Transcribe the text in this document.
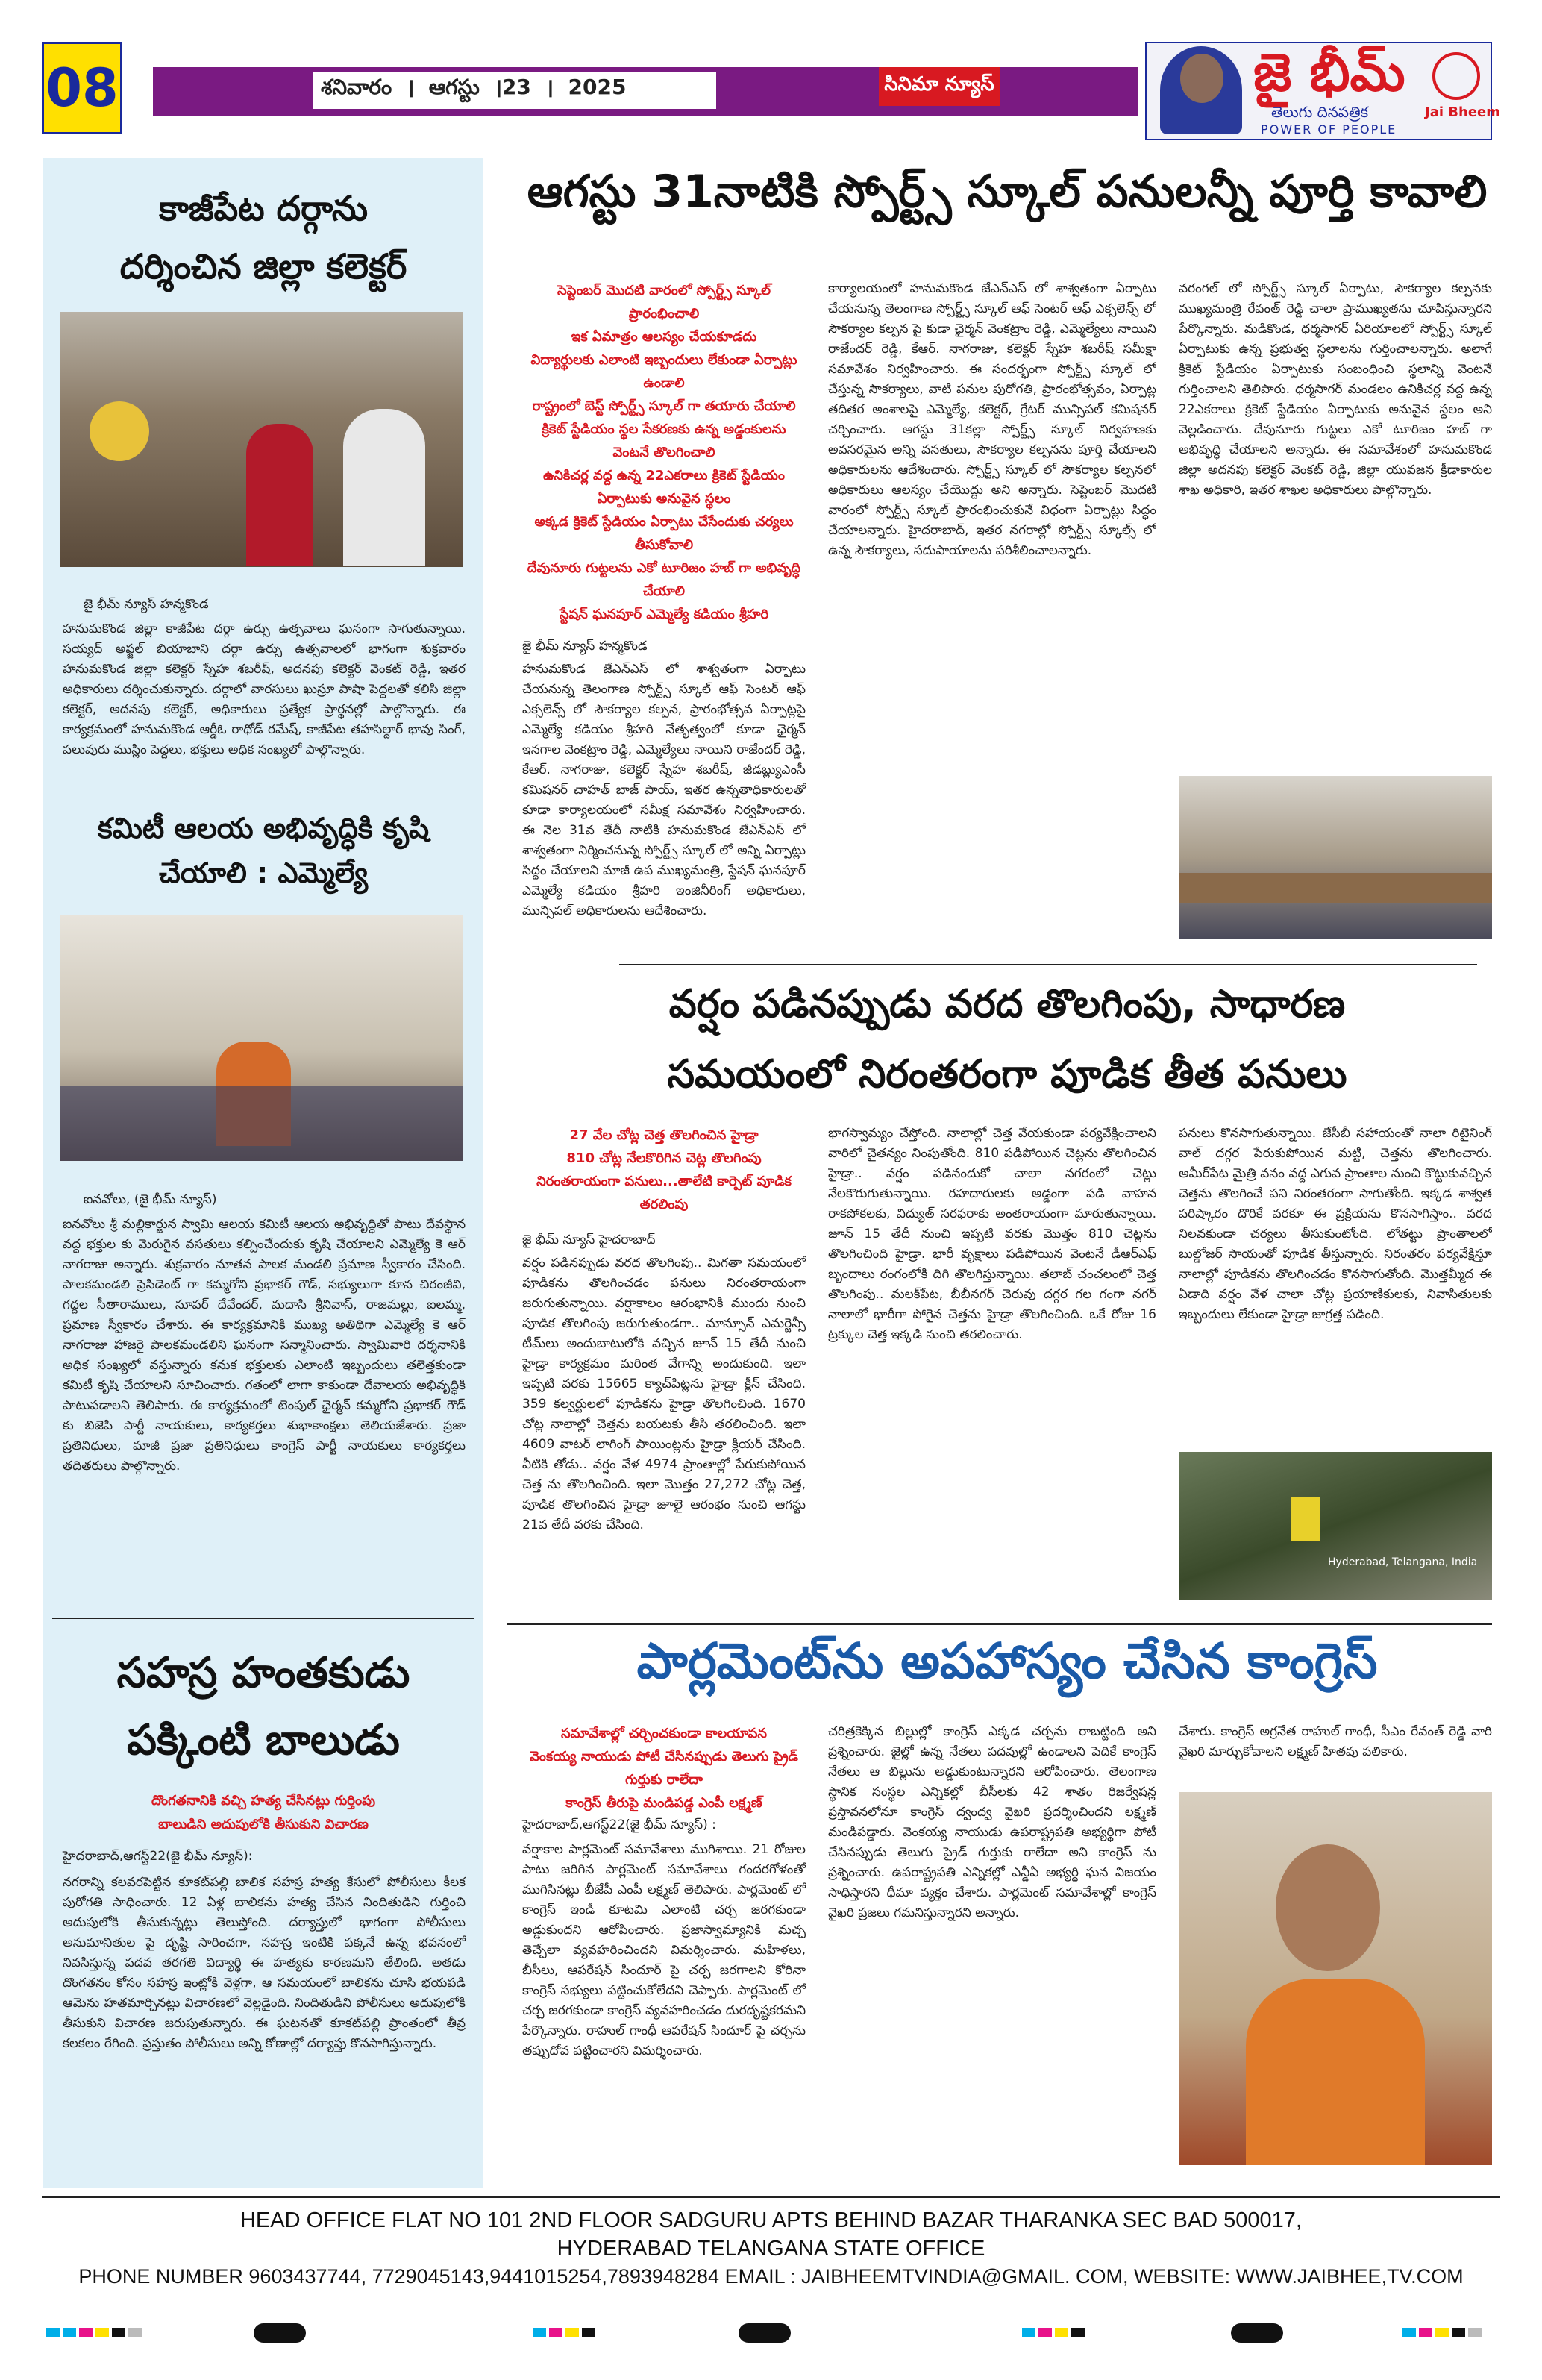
08	శనివారం  ।  ఆగస్టు  ।23  ।  2025	సినిమా న్యూస్	జై భీమ్
తెలుగు దినపత్రిక
POWER OF PEOPLE
Jai Bheem
కాజీపేట దర్గాను
దర్శించిన జిల్లా కలెక్టర్
జై భీమ్ న్యూస్ హన్మకొండ
హనుమకొండ జిల్లా కాజీపేట దర్గా ఉర్సు ఉత్సవాలు ఘనంగా సాగుతున్నాయి. సయ్యద్ అఫ్జల్ బియాబాని దర్గా ఉర్సు ఉత్సవాలలో భాగంగా శుక్రవారం హనుమకొండ జిల్లా కలెక్టర్ స్నేహ శబరీష్, అదనపు కలెక్టర్ వెంకట్ రెడ్డి, ఇతర అధికారులు దర్శించుకున్నారు. దర్గాలో వారసులు ఖుస్రూ పాషా పెద్దలతో కలిసి జిల్లా కలెక్టర్, అదనపు కలెక్టర్, అధికారులు ప్రత్యేక ప్రార్థనల్లో పాల్గొన్నారు. ఈ కార్యక్రమంలో హనుమకొండ ఆర్డీఓ రాథోడ్ రమేష్, కాజీపేట తహసిల్దార్ భావు సింగ్, పలువురు ముస్లిం పెద్దలు, భక్తులు అధిక సంఖ్యలో పాల్గొన్నారు.
కమిటీ ఆలయ అభివృద్ధికి కృషి
చేయాలి : ఎమ్మెల్యే
ఐనవోలు, (జై భీమ్ న్యూస్)
ఐనవోలు శ్రీ మల్లికార్జున స్వామి ఆలయ కమిటీ ఆలయ అభివృద్ధితో పాటు దేవస్థాన వద్ద భక్తుల కు మెరుగైన వసతులు కల్పించేందుకు కృషి చేయాలని ఎమ్మెల్యే కె ఆర్ నాగరాజు అన్నారు. శుక్రవారం నూతన పాలక మండలి ప్రమాణ స్వీకారం చేసింది. పాలకమండలి ప్రెసిడెంట్ గా కమ్మగోని ప్రభాకర్ గౌడ్, సభ్యులుగా కూన చిరంజీవి, గద్దల సీతారాములు, సూపర్ దేవేందర్, మదాసి శ్రీనివాస్, రాజమల్లు, ఐలమ్మ, ప్రమాణ స్వీకారం చేశారు. ఈ కార్యక్రమానికి ముఖ్య అతిథిగా ఎమ్మెల్యే కె ఆర్ నాగరాజు హాజరై పాలకమండలిని ఘనంగా సన్మానించారు. స్వామివారి దర్శనానికి అధిక సంఖ్యలో వస్తున్నారు కనుక భక్తులకు ఎలాంటి ఇబ్బందులు తలెత్తకుండా కమిటీ కృషి చేయాలని సూచించారు. గతంలో లాగా కాకుండా దేవాలయ అభివృద్ధికి పాటుపడాలని తెలిపారు. ఈ కార్యక్రమంలో టెంపుల్ ఛైర్మన్ కమ్మగోని ప్రభాకర్ గౌడ్ కు బిజెపి పార్టీ నాయకులు, కార్యకర్తలు శుభాకాంక్షలు తెలియజేశారు. ప్రజా ప్రతినిధులు, మాజీ ప్రజా ప్రతినిధులు కాంగ్రెస్ పార్టీ నాయకులు కార్యకర్తలు తదితరులు పాల్గొన్నారు.
సహస్ర హంతకుడు
పక్కింటి బాలుడు
దొంగతనానికి వచ్చి హత్య చేసినట్లు గుర్తింపు
బాలుడిని అదుపులోకి తీసుకుని విచారణ
హైదరాబాద్,ఆగస్ట్22(జై భీమ్ న్యూస్):
నగరాన్ని కలవరపెట్టిన కూకట్‌పల్లి బాలిక సహస్ర హత్య కేసులో పోలీసులు కీలక పురోగతి సాధించారు. 12 ఏళ్ల బాలికను హత్య చేసిన నిందితుడిని గుర్తించి అదుపులోకి తీసుకున్నట్లు తెలుస్తోంది. దర్యాప్తులో భాగంగా పోలీసులు అనుమానితుల పై దృష్టి సారించగా, సహస్ర ఇంటికి పక్కనే ఉన్న భవనంలో నివసిస్తున్న పదవ తరగతి విద్యార్థి ఈ హత్యకు కారణమని తేలింది. అతడు దొంగతనం కోసం సహస్ర ఇంట్లోకి వెళ్లగా, ఆ సమయంలో బాలికను చూసి భయపడి ఆమెను హతమార్చినట్లు విచారణలో వెల్లడైంది. నిందితుడిని పోలీసులు అదుపులోకి తీసుకుని విచారణ జరుపుతున్నారు. ఈ ఘటనతో కూకట్‌పల్లి ప్రాంతంలో తీవ్ర కలకలం రేగింది. ప్రస్తుతం పోలీసులు అన్ని కోణాల్లో దర్యాప్తు కొనసాగిస్తున్నారు.
ఆగస్టు 31నాటికి స్పోర్ట్స్ స్కూల్ పనులన్నీ పూర్తి కావాలి
సెప్టెంబర్ మొదటి వారంలో స్పోర్ట్స్ స్కూల్ ప్రారంభించాలి
ఇక ఏమాత్రం ఆలస్యం చేయకూడదు
విద్యార్థులకు ఎలాంటి ఇబ్బందులు లేకుండా ఏర్పాట్లు ఉండాలి
రాష్ట్రంలో బెస్ట్ స్పోర్ట్స్ స్కూల్ గా తయారు చేయాలి
క్రికెట్ స్టేడియం స్థల సేకరణకు ఉన్న అడ్డంకులను వెంటనే తొలగించాలి
ఉనికిచర్ల వద్ద ఉన్న 22ఎకరాలు క్రికెట్ స్టేడియం ఏర్పాటుకు అనువైన స్థలం
అక్కడ క్రికెట్ స్టేడియం ఏర్పాటు చేసేందుకు చర్యలు తీసుకోవాలి
దేవునూరు గుట్టలను ఎకో టూరిజం హబ్ గా అభివృద్ధి చేయాలి
స్టేషన్ ఘనపూర్ ఎమ్మెల్యే కడియం శ్రీహరి
జై భీమ్ న్యూస్ హన్మకొండ
హనుమకొండ జేఎన్ఎస్ లో శాశ్వతంగా ఏర్పాటు చేయనున్న తెలంగాణ స్పోర్ట్స్ స్కూల్ ఆఫ్ సెంటర్ ఆఫ్ ఎక్సలెన్స్ లో సౌకర్యాల కల్పన, ప్రారంభోత్సవ ఏర్పాట్లపై ఎమ్మెల్యే కడియం శ్రీహరి నేతృత్వంలో కూడా ఛైర్మన్ ఇనగాల వెంకట్రాం రెడ్డి, ఎమ్మెల్యేలు నాయిని రాజేందర్ రెడ్డి, కేఆర్. నాగరాజు, కలెక్టర్ స్నేహ శబరీష్, జీడబ్ల్యుఎంసీ కమిషనర్ చాహత్ బాజ్ పాయ్, ఇతర ఉన్నతాధికారులతో కూడా కార్యాలయంలో సమీక్ష సమావేశం నిర్వహించారు. ఈ నెల 31వ తేదీ నాటికి హనుమకొండ జేఎన్ఎస్ లో శాశ్వతంగా నిర్మించనున్న స్పోర్ట్స్ స్కూల్ లో అన్ని ఏర్పాట్లు సిద్ధం చేయాలని మాజీ ఉప ముఖ్యమంత్రి, స్టేషన్ ఘనపూర్ ఎమ్మెల్యే కడియం శ్రీహరి ఇంజినీరింగ్ అధికారులు, మున్సిపల్ అధికారులను ఆదేశించారు.
కార్యాలయంలో హనుమకొండ జేఎన్ఎస్ లో శాశ్వతంగా ఏర్పాటు చేయనున్న తెలంగాణ స్పోర్ట్స్ స్కూల్ ఆఫ్ సెంటర్ ఆఫ్ ఎక్సలెన్స్ లో సౌకర్యాల కల్పన పై కుడా ఛైర్మన్ వెంకట్రాం రెడ్డి, ఎమ్మెల్యేలు నాయిని రాజేందర్ రెడ్డి, కేఆర్. నాగరాజు, కలెక్టర్ స్నేహ శబరీష్ సమీక్షా సమావేశం నిర్వహించారు. ఈ సందర్భంగా స్పోర్ట్స్ స్కూల్ లో చేస్తున్న సౌకర్యాలు, వాటి పనుల పురోగతి, ప్రారంభోత్సవం, ఏర్పాట్ల తదితర అంశాలపై ఎమ్మెల్యే, కలెక్టర్, గ్రేటర్ మున్సిపల్ కమిషనర్ చర్చించారు. ఆగస్టు 31కల్లా స్పోర్ట్స్ స్కూల్ నిర్వహణకు అవసరమైన అన్ని వసతులు, సౌకర్యాల కల్పనను పూర్తి చేయాలని అధికారులను ఆదేశించారు. స్పోర్ట్స్ స్కూల్ లో సౌకర్యాల కల్పనలో అధికారులు ఆలస్యం చేయొద్దు అని అన్నారు. సెప్టెంబర్ మొదటి వారంలో స్పోర్ట్స్ స్కూల్ ప్రారంభించుకునే విధంగా ఏర్పాట్లు సిద్ధం చేయాలన్నారు. హైదరాబాద్, ఇతర నగరాల్లో స్పోర్ట్స్ స్కూల్స్ లో ఉన్న సౌకర్యాలు, సదుపాయాలను పరిశీలించాలన్నారు.
వరంగల్ లో స్పోర్ట్స్ స్కూల్ ఏర్పాటు, సౌకర్యాల కల్పనకు ముఖ్యమంత్రి రేవంత్ రెడ్డి చాలా ప్రాముఖ్యతను చూపిస్తున్నారని పేర్కొన్నారు. మడికొండ, ధర్మసాగర్ ఏరియాలలో స్పోర్ట్స్ స్కూల్ ఏర్పాటుకు ఉన్న ప్రభుత్వ స్థలాలను గుర్తించాలన్నారు. అలాగే క్రికెట్ స్టేడియం ఏర్పాటుకు సంబంధించి స్థలాన్ని వెంటనే గుర్తించాలని తెలిపారు. ధర్మసాగర్ మండలం ఉనికిచర్ల వద్ద ఉన్న 22ఎకరాలు క్రికెట్ స్టేడియం ఏర్పాటుకు అనువైన స్థలం అని వెల్లడించారు. దేవునూరు గుట్టలు ఎకో టూరిజం హబ్ గా అభివృద్ధి చేయాలని అన్నారు. ఈ సమావేశంలో హనుమకొండ జిల్లా అదనపు కలెక్టర్ వెంకట్ రెడ్డి, జిల్లా యువజన క్రీడాకారుల శాఖ అధికారి, ఇతర శాఖల అధికారులు పాల్గొన్నారు.
వర్షం పడినప్పుడు వరద తొలగింపు, సాధారణ
సమయంలో నిరంతరంగా పూడిక తీత పనులు
27 వేల చోట్ల చెత్త తొలగించిన హైడ్రా
810 చోట్ల నేలకొరిగిన చెట్ల తొలగింపు
నిరంతరాయంగా పనులు...తాలేటి కార్పెట్ పూడిక తరలింపు
జై భీమ్ న్యూస్ హైదరాబాద్
వర్షం పడినప్పుడు వరద తొలగింపు.. మిగతా సమయంలో పూడికను తొలగించడం పనులు నిరంతరాయంగా జరుగుతున్నాయి. వర్షాకాలం ఆరంభానికి ముందు నుంచి పూడిక తొలగింపు జరుగుతుండగా.. మాన్సూన్ ఎమర్జెన్సీ టీమ్‌లు అందుబాటులోకి వచ్చిన జూన్ 15 తేదీ నుంచి హైడ్రా కార్యక్రమం మరింత వేగాన్ని అందుకుంది. ఇలా ఇప్పటి వరకు 15665 క్యాచ్‌పిట్లను హైడ్రా క్లీన్ చేసింది. 359 కల్వర్టులలో పూడికను హైడ్రా తొలగించింది. 1670 చోట్ల నాలాల్లో చెత్తను బయటకు తీసి తరలించింది. ఇలా 4609 వాటర్ లాగింగ్ పాయింట్లను హైడ్రా క్లియర్ చేసింది. వీటికి తోడు.. వర్షం వేళ 4974 ప్రాంతాల్లో పేరుకుపోయిన చెత్త ను తొలగించింది. ఇలా మొత్తం 27,272 చోట్ల చెత్త, పూడిక తొలగించిన హైడ్రా జూలై ఆరంభం నుంచి ఆగస్టు 21వ తేదీ వరకు చేసింది.
భాగస్వామ్యం చేస్తోంది. నాలాల్లో చెత్త వేయకుండా పర్యవేక్షించాలని వారిలో చైతన్యం నింపుతోంది. 810 పడిపోయిన చెట్లను తొలగించిన హైడ్రా.. వర్షం పడినందుకో చాలా నగరంలో చెట్లు నేలకొరుగుతున్నాయి. రహదారులకు అడ్డంగా పడి వాహన రాకపోకలకు, విద్యుత్ సరఫరాకు అంతరాయంగా మారుతున్నాయి. జూన్ 15 తేదీ నుంచి ఇప్పటి వరకు మొత్తం 810 చెట్లను తొలగించింది హైడ్రా. భారీ వృక్షాలు పడిపోయిన వెంటనే డీఆర్ఎఫ్ బృందాలు రంగంలోకి దిగి తొలగిస్తున్నాయి. తలాబ్ చంచలంలో చెత్త తొలగింపు.. మలక్‌పేట, బీబీనగర్ చెరువు దగ్గర గల గంగా నగర్ నాలాలో భారీగా పోగైన చెత్తను హైడ్రా తొలగించింది. ఒకే రోజు 16 ట్రక్కుల చెత్త ఇక్కడి నుంచి తరలించారు.
పనులు కొనసాగుతున్నాయి. జేసీబీ సహాయంతో నాలా రిటైనింగ్ వాల్ దగ్గర పేరుకుపోయిన మట్టి, చెత్తను తొలగించారు. అమీర్‌పేట మైత్రి వనం వద్ద ఎగువ ప్రాంతాల నుంచి కొట్టుకువచ్చిన చెత్తను తొలగించే పని నిరంతరంగా సాగుతోంది. ఇక్కడ శాశ్వత పరిష్కారం దొరికే వరకూ ఈ ప్రక్రియను కొనసాగిస్తాం.. వరద నిలవకుండా చర్యలు తీసుకుంటోంది. లోతట్టు ప్రాంతాలలో బుల్డోజర్ సాయంతో పూడిక తీస్తున్నారు. నిరంతరం పర్యవేక్షిస్తూ నాలాల్లో పూడికను తొలగించడం కొనసాగుతోంది. మొత్తమ్మీద ఈ ఏడాది వర్షం వేళ చాలా చోట్ల ప్రయాణికులకు, నివాసితులకు ఇబ్బందులు లేకుండా హైడ్రా జాగ్రత్త పడింది.
Hyderabad, Telangana, India
పార్లమెంట్‌ను అపహాస్యం చేసిన కాంగ్రెస్
సమావేశాల్లో చర్చించకుండా కాలయాపన
వెంకయ్య నాయుడు పోటీ చేసినప్పుడు తెలుగు ప్రైడ్ గుర్తుకు రాలేదా
కాంగ్రెస్ తీరుపై మండిపడ్డ ఎంపీ లక్ష్మణ్
హైదరాబాద్,ఆగస్ట్22(జై భీమ్ న్యూస్) :
వర్షాకాల పార్లమెంట్ సమావేశాలు ముగిశాయి. 21 రోజుల పాటు జరిగిన పార్లమెంట్ సమావేశాలు గందరగోళంతో ముగిసినట్లు బీజేపీ ఎంపీ లక్ష్మణ్ తెలిపారు. పార్లమెంట్ లో కాంగ్రెస్ ఇండీ కూటమి ఎలాంటి చర్చ జరగకుండా అడ్డుకుందని ఆరోపించారు. ప్రజాస్వామ్యానికి మచ్చ తెచ్చేలా వ్యవహరించిందని విమర్శించారు. మహిళలు, బీసీలు, ఆపరేషన్ సిందూర్ పై చర్చ జరగాలని కోరినా కాంగ్రెస్ సభ్యులు పట్టించుకోలేదని చెప్పారు. పార్లమెంట్ లో చర్చ జరగకుండా కాంగ్రెస్ వ్యవహరించడం దురదృష్టకరమని పేర్కొన్నారు. రాహుల్ గాంధీ ఆపరేషన్ సిందూర్ పై చర్చను తప్పుదోవ పట్టించారని విమర్శించారు.
చరిత్రకెక్కిన బిల్లుల్లో కాంగ్రెస్ ఎక్కడ చర్చను రాబట్టింది అని ప్రశ్నించారు. జైల్లో ఉన్న నేతలు పదవుల్లో ఉండాలని పెదికే కాంగ్రెస్ నేతలు ఆ బిల్లును అడ్డుకుంటున్నారని ఆరోపించారు. తెలంగాణ స్థానిక సంస్థల ఎన్నికల్లో బీసీలకు 42 శాతం రిజర్వేషన్ల ప్రస్తావనలోనూ కాంగ్రెస్ ద్వంద్వ వైఖరి ప్రదర్శించిందని లక్ష్మణ్ మండిపడ్డారు. వెంకయ్య నాయుడు ఉపరాష్ట్రపతి అభ్యర్థిగా పోటీ చేసినప్పుడు తెలుగు ప్రైడ్ గుర్తుకు రాలేదా అని కాంగ్రెస్ ను ప్రశ్నించారు. ఉపరాష్ట్రపతి ఎన్నికల్లో ఎన్డీఏ అభ్యర్థి ఘన విజయం సాధిస్తారని ధీమా వ్యక్తం చేశారు. పార్లమెంట్ సమావేశాల్లో కాంగ్రెస్ వైఖరి ప్రజలు గమనిస్తున్నారని అన్నారు.
చేశారు. కాంగ్రెస్ అగ్రనేత రాహుల్ గాంధీ, సీఎం రేవంత్ రెడ్డి వారి వైఖరి మార్చుకోవాలని లక్ష్మణ్ హితవు పలికారు.
HEAD OFFICE FLAT NO 101 2ND FLOOR SADGURU APTS BEHIND BAZAR THARANKA SEC BAD 500017,
HYDERABAD TELANGANA STATE OFFICE
PHONE NUMBER 9603437744, 7729045143,9441015254,7893948284 EMAIL : JAIBHEEMTVINDIA@GMAIL. COM, WEBSITE: WWW.JAIBHEE,TV.COM
